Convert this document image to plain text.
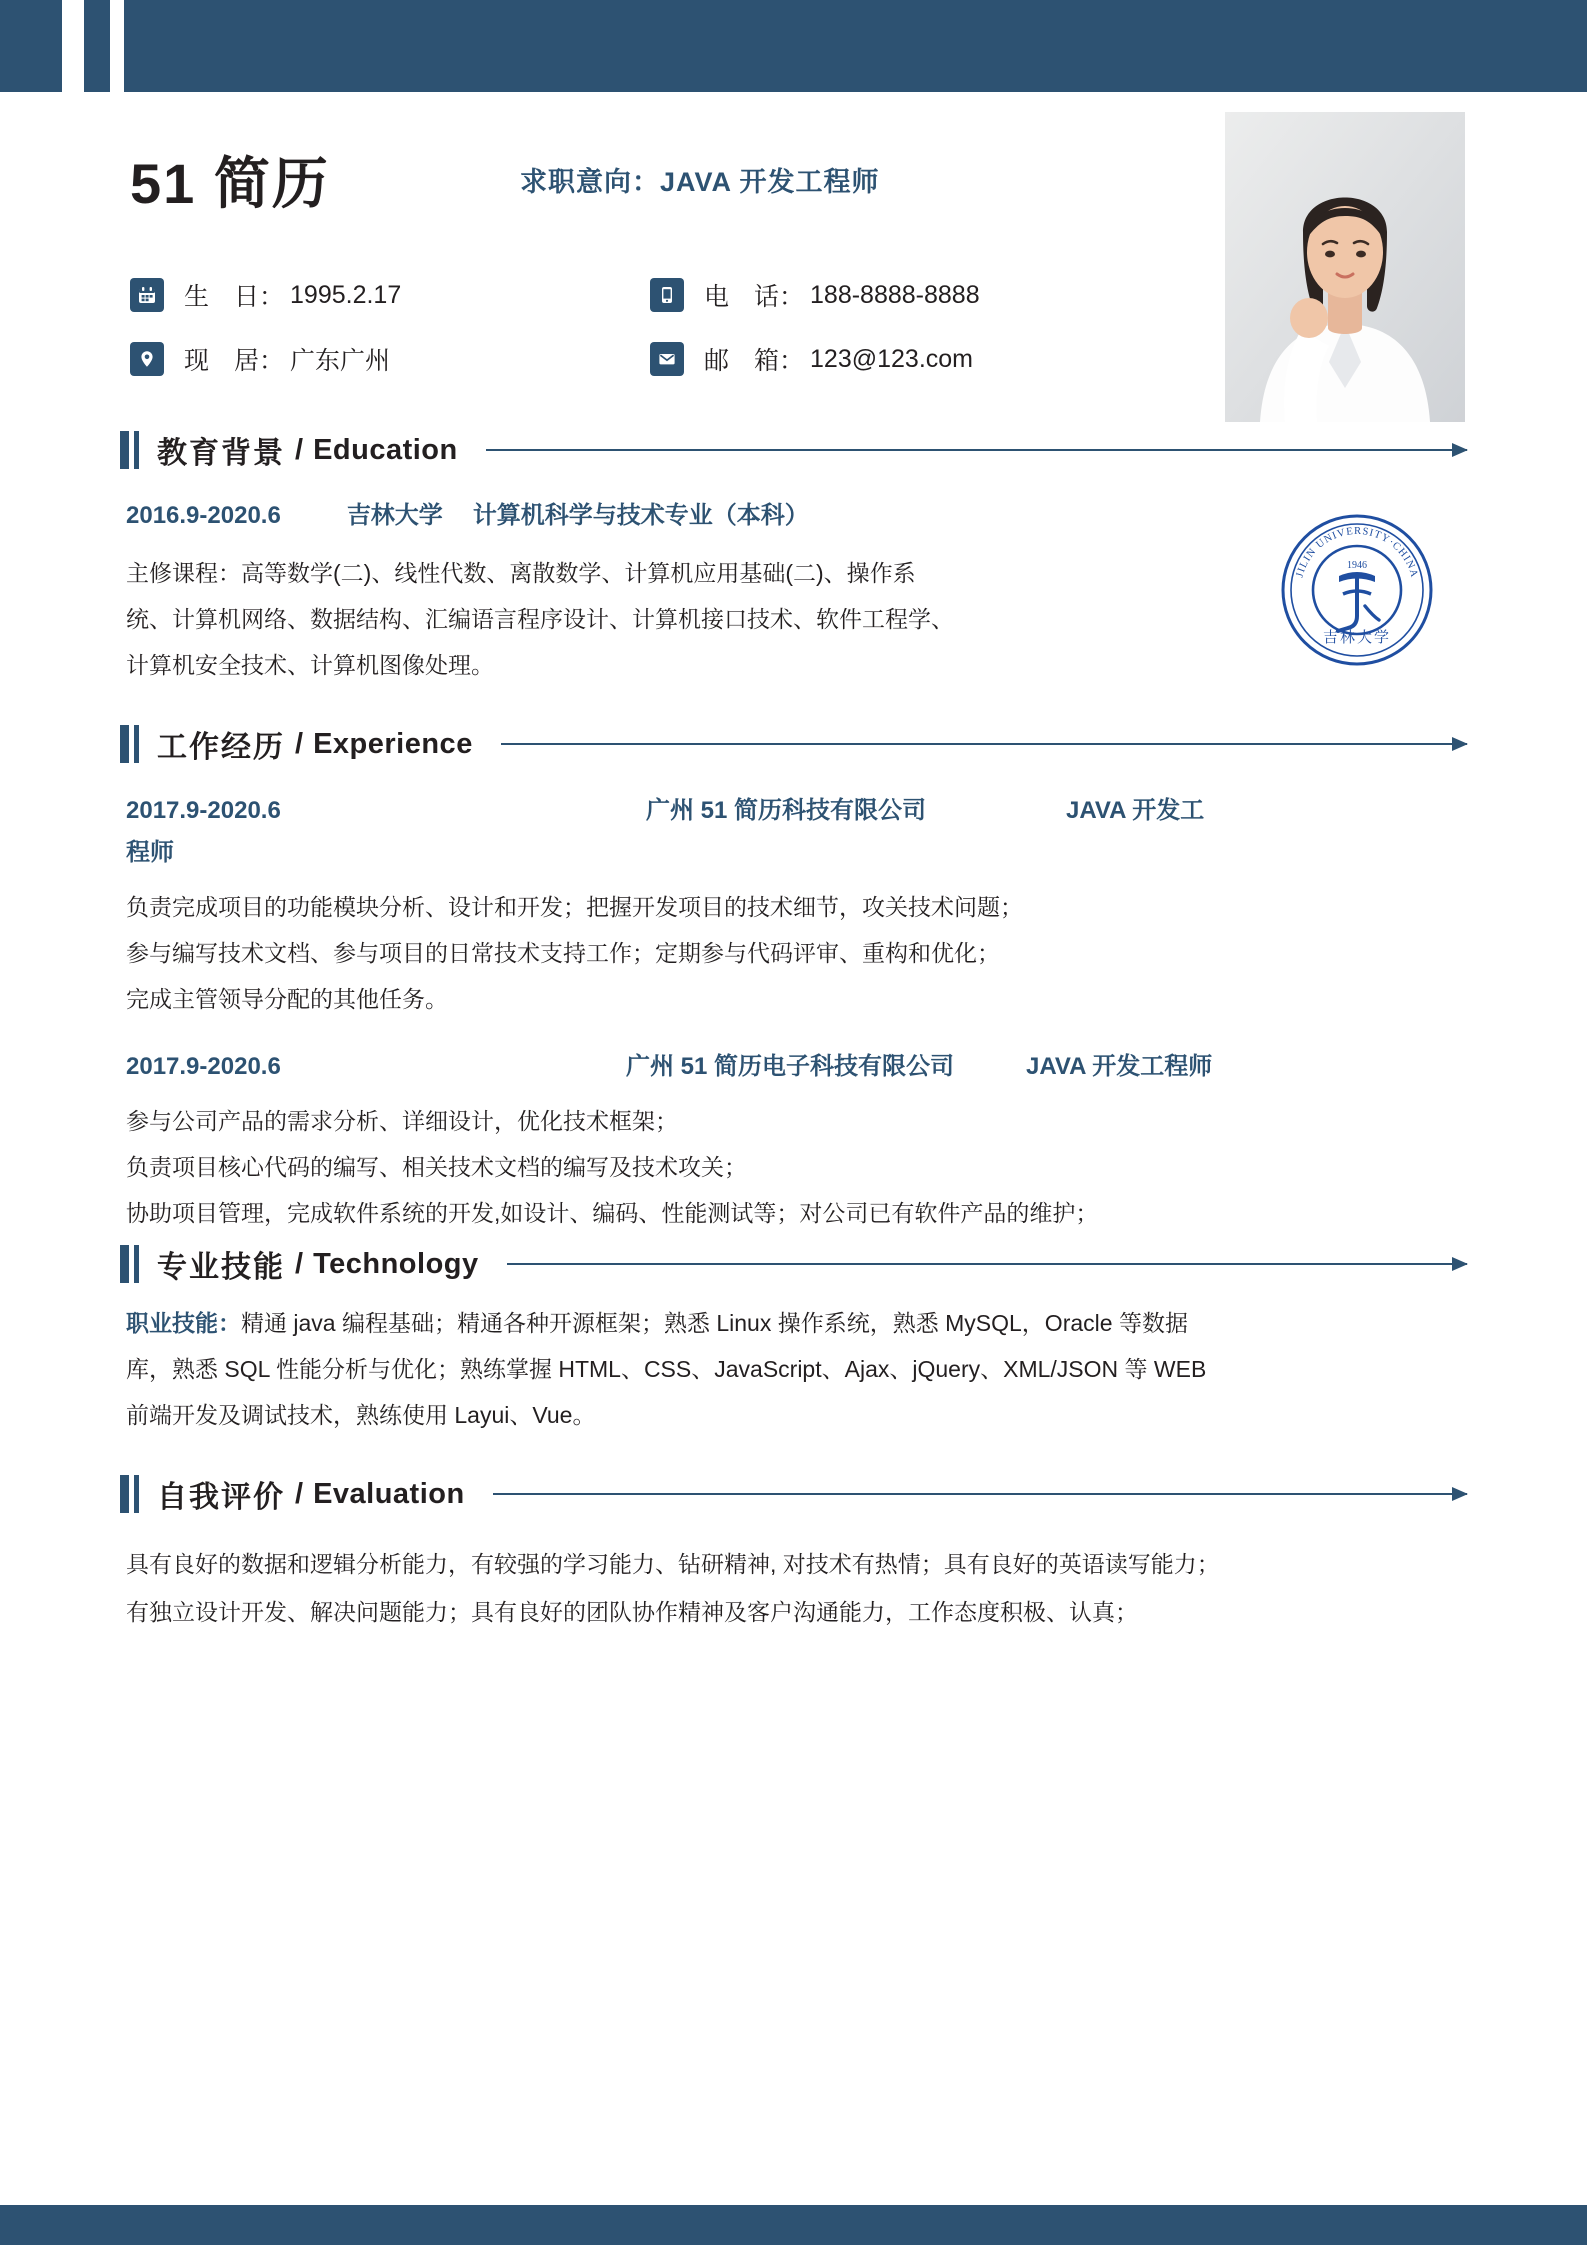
51 简历	求职意向：JAVA 开发工程师
生　日： 1995.2.17	电　话： 188-8888-8888
现　居： 广东广州	邮　箱： 123@123.com
教育背景 / Education
JILIN UNIVERSITY·CHINA
1946
吉林大学
2016.9-2020.6	吉林大学 计算机科学与技术专业（本科）
主修课程：高等数学(二)、线性代数、离散数学、计算机应用基础(二)、操作系
统、计算机网络、数据结构、汇编语言程序设计、计算机接口技术、软件工程学、
计算机安全技术、计算机图像处理。
工作经历 / Experience
2017.9-2020.6	广州 51 简历科技有限公司	JAVA 开发工
程师
负责完成项目的功能模块分析、设计和开发；把握开发项目的技术细节，攻关技术问题；
参与编写技术文档、参与项目的日常技术支持工作；定期参与代码评审、重构和优化；
完成主管领导分配的其他任务。
2017.9-2020.6	广州 51 简历电子科技有限公司	JAVA 开发工程师
参与公司产品的需求分析、详细设计，优化技术框架；
负责项目核心代码的编写、相关技术文档的编写及技术攻关；
协助项目管理，完成软件系统的开发,如设计、编码、性能测试等；对公司已有软件产品的维护；
专业技能 / Technology
职业技能：精通 java 编程基础；精通各种开源框架；熟悉 Linux 操作系统，熟悉 MySQL，Oracle 等数据
库，熟悉 SQL 性能分析与优化；熟练掌握 HTML、CSS、JavaScript、Ajax、jQuery、XML/JSON 等 WEB
前端开发及调试技术，熟练使用 Layui、Vue。
自我评价 / Evaluation
具有良好的数据和逻辑分析能力，有较强的学习能力、钻研精神, 对技术有热情；具有良好的英语读写能力；
有独立设计开发、解决问题能力；具有良好的团队协作精神及客户沟通能力，工作态度积极、认真；
